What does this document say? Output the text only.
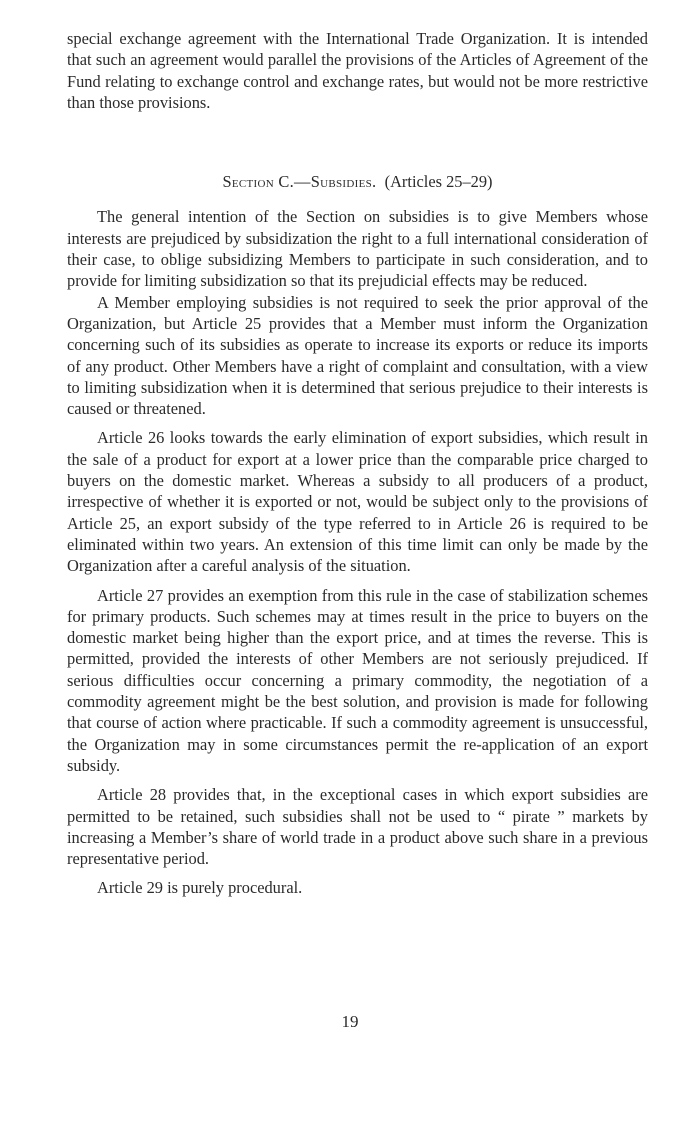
special exchange agreement with the International Trade Organization. It is intended that such an agreement would parallel the provisions of the Articles of Agreement of the Fund relating to exchange control and exchange rates, but would not be more restrictive than those provisions.

Section C.—Subsidies. (Articles 25–29)

The general intention of the Section on subsidies is to give Members whose interests are prejudiced by subsidization the right to a full international consideration of their case, to oblige subsidizing Members to participate in such consideration, and to provide for limiting subsidization so that its prejudicial effects may be reduced.

A Member employing subsidies is not required to seek the prior approval of the Organization, but Article 25 provides that a Member must inform the Organization concerning such of its subsidies as operate to increase its exports or reduce its imports of any product. Other Members have a right of complaint and consultation, with a view to limiting subsidization when it is determined that serious prejudice to their interests is caused or threatened.

Article 26 looks towards the early elimination of export subsidies, which result in the sale of a product for export at a lower price than the comparable price charged to buyers on the domestic market. Whereas a subsidy to all producers of a product, irrespective of whether it is exported or not, would be subject only to the provisions of Article 25, an export subsidy of the type referred to in Article 26 is required to be eliminated within two years. An extension of this time limit can only be made by the Organization after a careful analysis of the situation.

Article 27 provides an exemption from this rule in the case of stabilization schemes for primary products. Such schemes may at times result in the price to buyers on the domestic market being higher than the export price, and at times the reverse. This is permitted, provided the interests of other Members are not seriously prejudiced. If serious difficulties occur concerning a primary commodity, the negotiation of a commodity agreement might be the best solution, and provision is made for following that course of action where practicable. If such a commodity agreement is unsuccessful, the Organization may in some circumstances permit the re-application of an export subsidy.

Article 28 provides that, in the exceptional cases in which export subsidies are permitted to be retained, such subsidies shall not be used to “ pirate ” markets by increasing a Member’s share of world trade in a product above such share in a previous representative period.

Article 29 is purely procedural.

19
